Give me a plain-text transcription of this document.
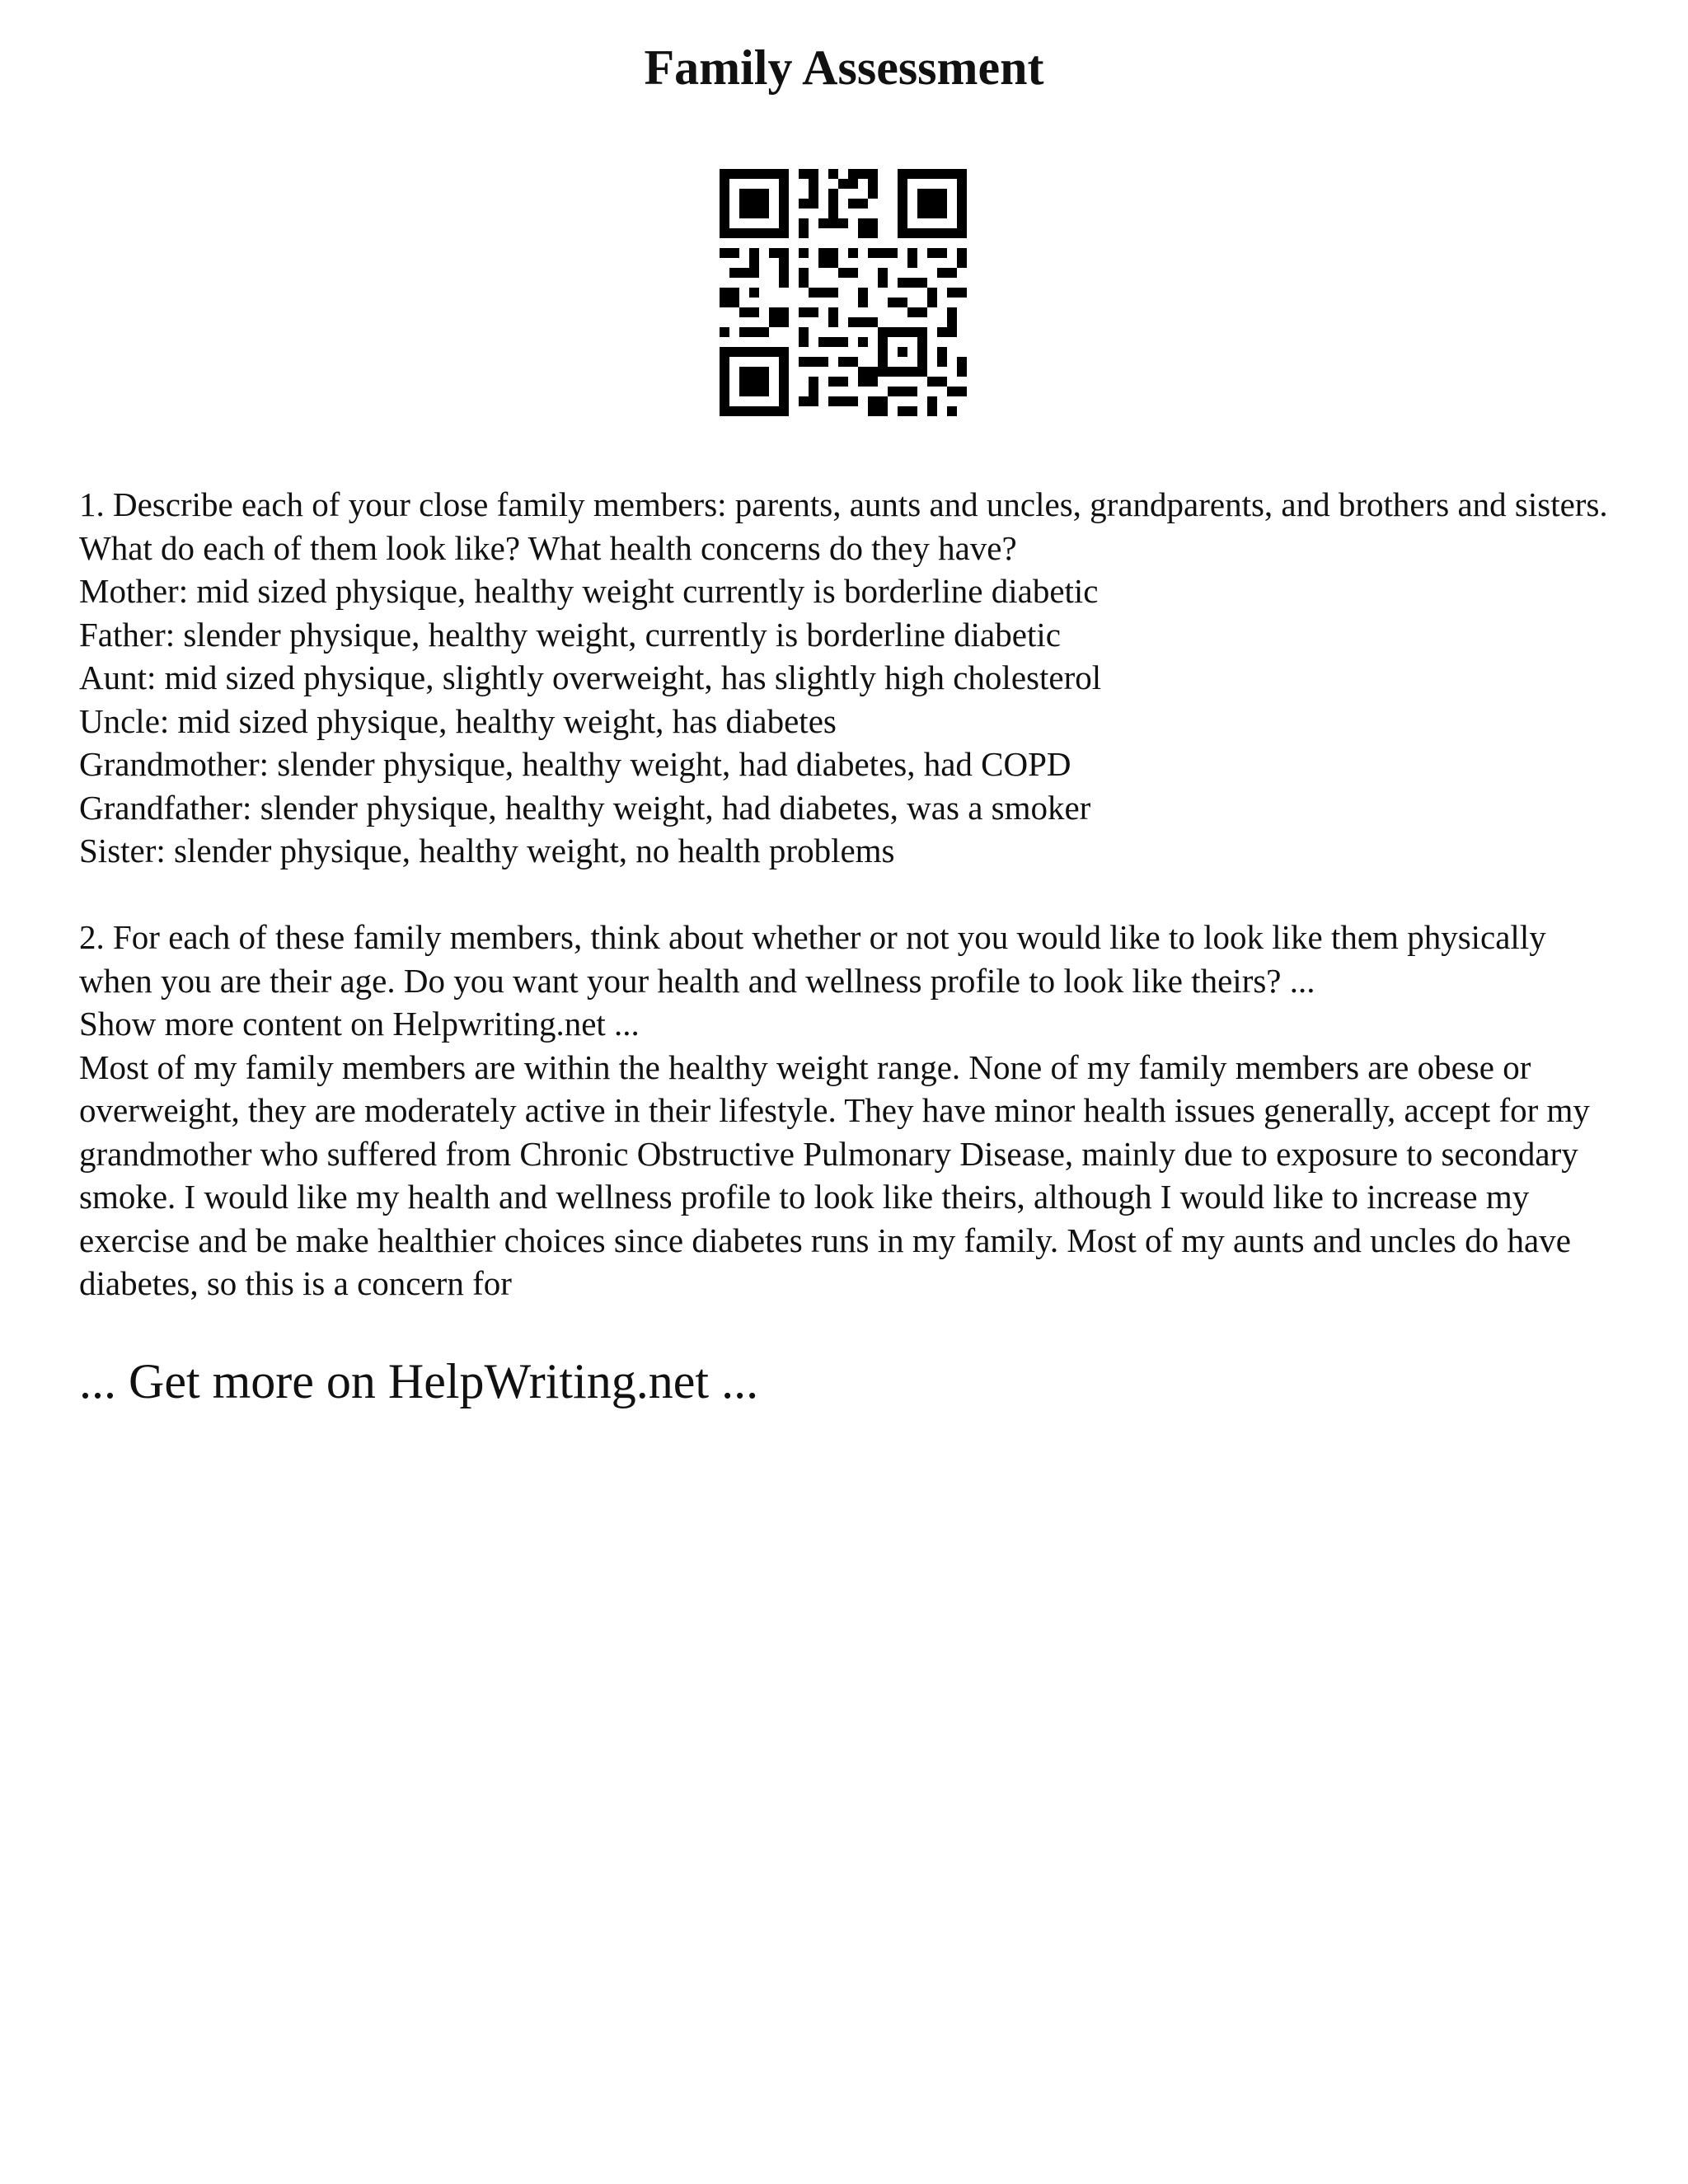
Family Assessment

1. Describe each of your close family members: parents, aunts and uncles, grandparents, and brothers and sisters. What do each of them look like? What health concerns do they have?

Mother: mid sized physique, healthy weight currently is borderline diabetic

Father: slender physique, healthy weight, currently is borderline diabetic

Aunt: mid sized physique, slightly overweight, has slightly high cholesterol

Uncle: mid sized physique, healthy weight, has diabetes

Grandmother: slender physique, healthy weight, had diabetes, had COPD

Grandfather: slender physique, healthy weight, had diabetes, was a smoker

Sister: slender physique, healthy weight, no health problems

2. For each of these family members, think about whether or not you would like to look like them physically when you are their age. Do you want your health and wellness profile to look like theirs? ...

Show more content on Helpwriting.net ...

Most of my family members are within the healthy weight range. None of my family members are obese or overweight, they are moderately active in their lifestyle. They have minor health issues generally, accept for my grandmother who suffered from Chronic Obstructive Pulmonary Disease, mainly due to exposure to secondary smoke. I would like my health and wellness profile to look like theirs, although I would like to increase my exercise and be make healthier choices since diabetes runs in my family. Most of my aunts and uncles do have diabetes, so this is a concern for

... Get more on HelpWriting.net ...
